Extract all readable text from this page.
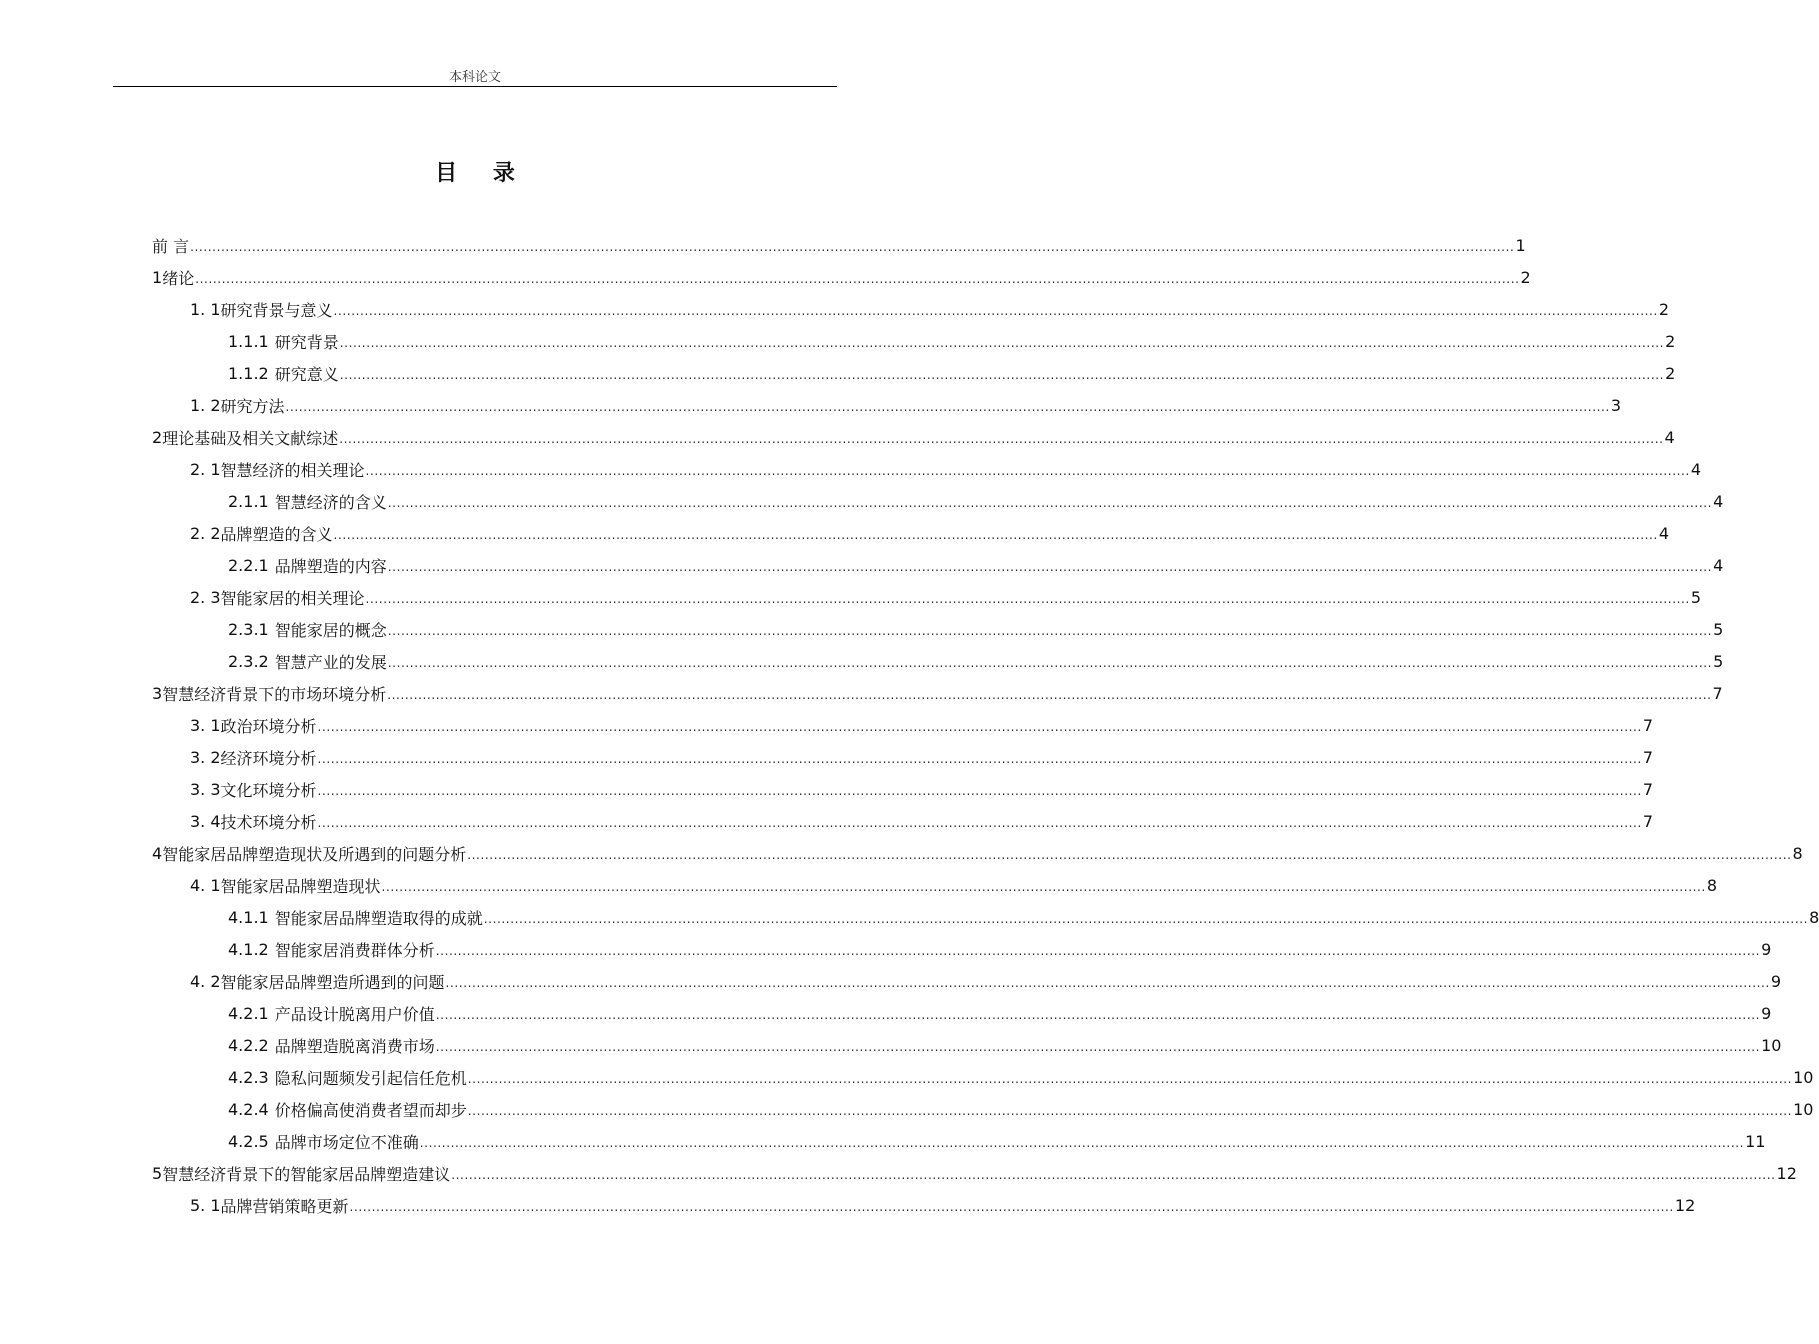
本科论文
目 录
前 言 ............................................................................................................................................................................................................................................................................................................ 1
1 绪论 ............................................................................................................................................................................................................................................................................................................ 2
1. 1 研究背景与意义 ............................................................................................................................................................................................................................................................................................................ 2
1.1.1 研究背景 ............................................................................................................................................................................................................................................................................................................ 2
1.1.2 研究意义 ............................................................................................................................................................................................................................................................................................................ 2
1. 2 研究方法 ............................................................................................................................................................................................................................................................................................................ 3
2 理论基础及相关文献综述 ............................................................................................................................................................................................................................................................................................................ 4
2. 1 智慧经济的相关理论 ............................................................................................................................................................................................................................................................................................................ 4
2.1.1 智慧经济的含义 ............................................................................................................................................................................................................................................................................................................ 4
2. 2 品牌塑造的含义 ............................................................................................................................................................................................................................................................................................................ 4
2.2.1 品牌塑造的内容 ............................................................................................................................................................................................................................................................................................................ 4
2. 3 智能家居的相关理论 ............................................................................................................................................................................................................................................................................................................ 5
2.3.1 智能家居的概念 ............................................................................................................................................................................................................................................................................................................ 5
2.3.2 智慧产业的发展 ............................................................................................................................................................................................................................................................................................................ 5
3 智慧经济背景下的市场环境分析 ............................................................................................................................................................................................................................................................................................................ 7
3. 1 政治环境分析 ............................................................................................................................................................................................................................................................................................................ 7
3. 2 经济环境分析 ............................................................................................................................................................................................................................................................................................................ 7
3. 3 文化环境分析 ............................................................................................................................................................................................................................................................................................................ 7
3. 4 技术环境分析 ............................................................................................................................................................................................................................................................................................................ 7
4 智能家居品牌塑造现状及所遇到的问题分析 ............................................................................................................................................................................................................................................................................................................ 8
4. 1 智能家居品牌塑造现状 ............................................................................................................................................................................................................................................................................................................ 8
4.1.1 智能家居品牌塑造取得的成就 ............................................................................................................................................................................................................................................................................................................ 8
4.1.2 智能家居消费群体分析 ............................................................................................................................................................................................................................................................................................................ 9
4. 2 智能家居品牌塑造所遇到的问题 ............................................................................................................................................................................................................................................................................................................ 9
4.2.1 产品设计脱离用户价值 ............................................................................................................................................................................................................................................................................................................ 9
4.2.2 品牌塑造脱离消费市场 ............................................................................................................................................................................................................................................................................................................ 10
4.2.3 隐私问题频发引起信任危机 ............................................................................................................................................................................................................................................................................................................ 10
4.2.4 价格偏高使消费者望而却步 ............................................................................................................................................................................................................................................................................................................ 10
4.2.5 品牌市场定位不准确 ............................................................................................................................................................................................................................................................................................................ 11
5 智慧经济背景下的智能家居品牌塑造建议 ............................................................................................................................................................................................................................................................................................................ 12
5. 1 品牌营销策略更新 ............................................................................................................................................................................................................................................................................................................ 12
